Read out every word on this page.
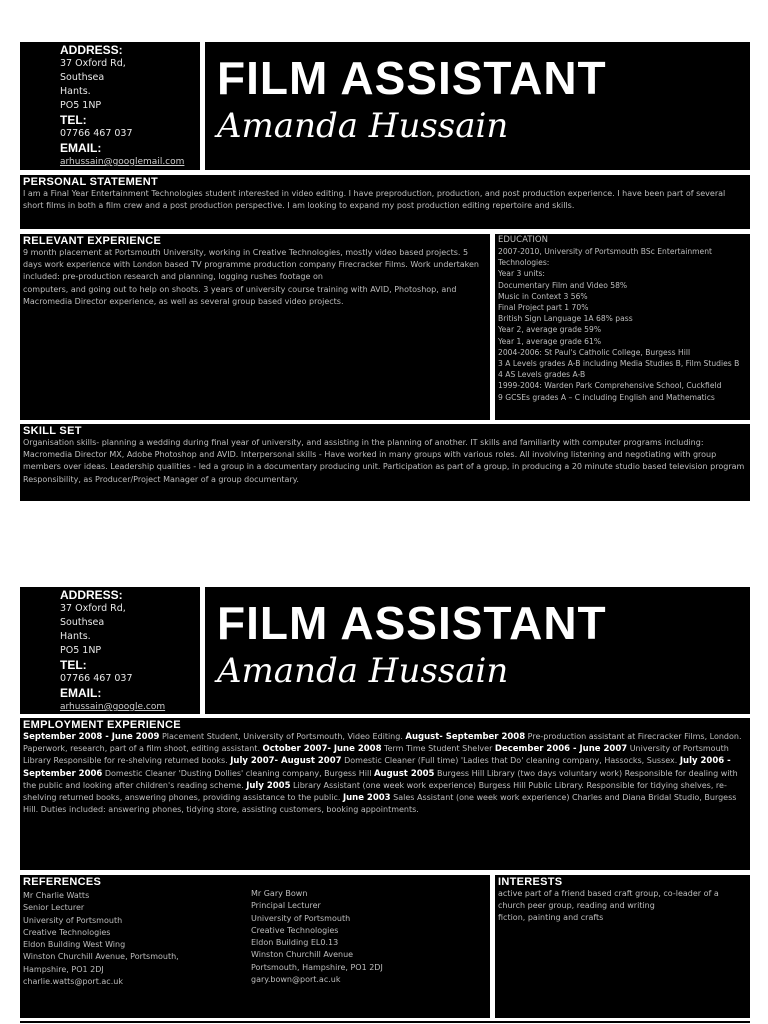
ADDRESS:
37 Oxford Rd,
Southsea
Hants.
PO5 1NP
TEL:
07766 467 037
EMAIL:
arhussain@googlemail.com
FILM ASSISTANT
Amanda Hussain
PERSONAL STATEMENT
I am a Final Year Entertainment Technologies student interested in video editing. I have preproduction, production, and post production experience. I have been part of several short films in both a film crew and a post production perspective. I am looking to expand my post production editing repertoire and skills.
RELEVANT EXPERIENCE
9 month placement at Portsmouth University, working in Creative Technologies, mostly video based projects. 5 days work experience with London based TV programme production company Firecracker Films. Work undertaken included: pre-production research and planning, logging rushes footage on
computers, and going out to help on shoots. 3 years of university course training with AVID, Photoshop, and Macromedia Director experience, as well as several group based video projects.
EDUCATION
2007-2010, University of Portsmouth BSc Entertainment Technologies:
Year 3 units:
Documentary Film and Video 58%
Music in Context 3 56%
Final Project part 1 70%
British Sign Language 1A 68% pass
Year 2, average grade 59%
Year 1, average grade 61%
2004-2006: St Paul's Catholic College, Burgess Hill
3 A Levels grades A-B including Media Studies B, Film Studies B
4 AS Levels grades A-B
1999-2004: Warden Park Comprehensive School, Cuckfield
9 GCSEs grades A – C including English and Mathematics
SKILL SET
Organisation skills- planning a wedding during final year of university, and assisting in the planning of another. IT skills and familiarity with computer programs including: Macromedia Director MX, Adobe Photoshop and AVID. Interpersonal skills - Have worked in many groups with various roles. All involving listening and negotiating with group members over ideas. Leadership qualities - led a group in a documentary producing unit. Participation as part of a group, in producing a 20 minute studio based television program Responsibility, as Producer/Project Manager of a group documentary.
ADDRESS:
37 Oxford Rd,
Southsea
Hants.
PO5 1NP
TEL:
07766 467 037
EMAIL:
arhussain@google.com
FILM ASSISTANT
Amanda Hussain
EMPLOYMENT EXPERIENCE
September 2008 - June 2009 Placement Student, University of Portsmouth, Video Editing. August- September 2008 Pre-production assistant at Firecracker Films, London. Paperwork, research, part of a film shoot, editing assistant. October 2007- June 2008 Term Time Student Shelver December 2006 - June 2007 University of Portsmouth Library Responsible for re-shelving returned books. July 2007- August 2007 Domestic Cleaner (Full time) 'Ladies that Do' cleaning company, Hassocks, Sussex. July 2006 - September 2006 Domestic Cleaner 'Dusting Dollies' cleaning company, Burgess Hill August 2005 Burgess Hill Library (two days voluntary work) Responsible for dealing with the public and looking after children's reading scheme. July 2005 Library Assistant (one week work experience) Burgess Hill Public Library. Responsible for tidying shelves, re-shelving returned books, answering phones, providing assistance to the public. June 2003 Sales Assistant (one week work experience) Charles and Diana Bridal Studio, Burgess Hill. Duties included: answering phones, tidying store, assisting customers, booking appointments.
REFERENCES
Mr Charlie Watts
Senior Lecturer
University of Portsmouth
Creative Technologies
Eldon Building West Wing
Winston Churchill Avenue, Portsmouth,
Hampshire, PO1 2DJ
charlie.watts@port.ac.uk
Mr Gary Bown
Principal Lecturer
University of Portsmouth
Creative Technologies
Eldon Building EL0.13
Winston Churchill Avenue
Portsmouth, Hampshire, PO1 2DJ
gary.bown@port.ac.uk
INTERESTS
active part of a friend based craft group, co-leader of a church peer group, reading and writing
fiction, painting and crafts
